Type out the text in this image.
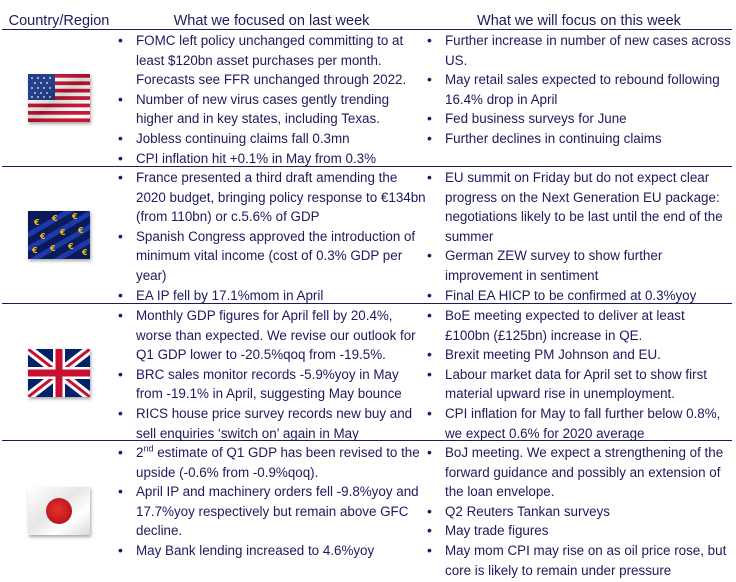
Country/Region	What we focused on last week	What we will focus on this week
• FOMC left policy unchanged committing to at least $120bn asset purchases per month. Forecasts see FFR unchanged through 2022.
• Number of new virus cases gently trending higher and in key states, including Texas.
• Jobless continuing claims fall 0.3mn
• CPI inflation hit +0.1% in May from 0.3%
• Further increase in number of new cases across US.
• May retail sales expected to rebound following 16.4% drop in April
• Fed business surveys for June
• Further declines in continuing claims
€ € €
€ € €
€ € €
€
• France presented a third draft amending the 2020 budget, bringing policy response to €134bn (from 110bn) or c.5.6% of GDP
• Spanish Congress approved the introduction of minimum vital income (cost of 0.3% GDP per year)
• EA IP fell by 17.1%mom in April
• EU summit on Friday but do not expect clear progress on the Next Generation EU package: negotiations likely to be last until the end of the summer
• German ZEW survey to show further improvement in sentiment
• Final EA HICP to be confirmed at 0.3%yoy
• Monthly GDP figures for April fell by 20.4%, worse than expected. We revise our outlook for Q1 GDP lower to -20.5%qoq from -19.5%.
• BRC sales monitor records -5.9%yoy in May from -19.1% in April, suggesting May bounce
• RICS house price survey records new buy and sell enquiries ‘switch on’ again in May
• BoE meeting expected to deliver at least £100bn (£125bn) increase in QE.
• Brexit meeting PM Johnson and EU.
• Labour market data for April set to show first material upward rise in unemployment.
• CPI inflation for May to fall further below 0.8%, we expect 0.6% for 2020 average
• 2nd estimate of Q1 GDP has been revised to the upside (-0.6% from -0.9%qoq).
• April IP and machinery orders fell -9.8%yoy and 17.7%yoy respectively but remain above GFC decline.
• May Bank lending increased to 4.6%yoy
• BoJ meeting. We expect a strengthening of the forward guidance and possibly an extension of the loan envelope.
• Q2 Reuters Tankan surveys
• May trade figures
• May mom CPI may rise on as oil price rose, but core is likely to remain under pressure
